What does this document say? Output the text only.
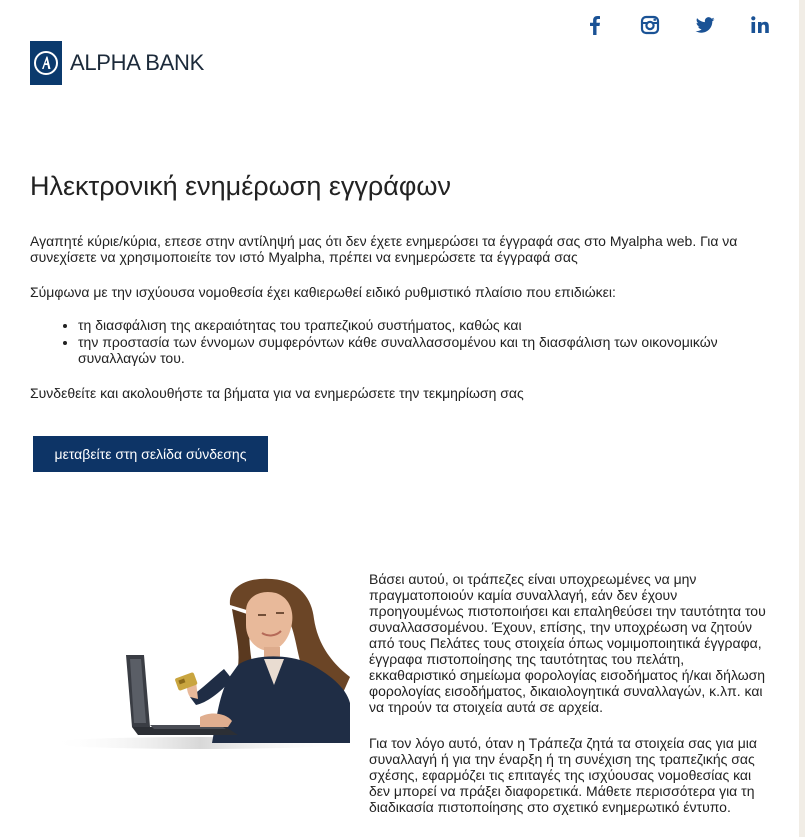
ALPHA BANK
Ηλεκτρονική ενημέρωση εγγράφων

Αγαπητέ κύριε/κύρια, επεσε στην αντίληψή μας ότι δεν έχετε ενημερώσει τα έγγραφά σας στο Myalpha web. Για να συνεχίσετε να χρησιμοποιείτε τον ιστό Myalpha, πρέπει να ενημερώσετε τα έγγραφά σας

Σύμφωνα με την ισχύουσα νομοθεσία έχει καθιερωθεί ειδικό ρυθμιστικό πλαίσιο που επιδιώκει:

• τη διασφάλιση της ακεραιότητας του τραπεζικού συστήματος, καθώς και
• την προστασία των έννομων συμφερόντων κάθε συναλλασσομένου και τη διασφάλιση των οικονομικών συναλλαγών του.

Συνδεθείτε και ακολουθήστε τα βήματα για να ενημερώσετε την τεκμηρίωση σας

μεταβείτε στη σελίδα σύνδεσης

Βάσει αυτού, οι τράπεζες είναι υποχρεωμένες να μην πραγματοποιούν καμία συναλλαγή, εάν δεν έχουν προηγουμένως πιστοποιήσει και επαληθεύσει την ταυτότητα του συναλλασσομένου. Έχουν, επίσης, την υποχρέωση να ζητούν από τους Πελάτες τους στοιχεία όπως νομιμοποιητικά έγγραφα, έγγραφα πιστοποίησης της ταυτότητας του πελάτη, εκκαθαριστικό σημείωμα φορολογίας εισοδήματος ή/και δήλωση φορολογίας εισοδήματος, δικαιολογητικά συναλλαγών, κ.λπ. και να τηρούν τα στοιχεία αυτά σε αρχεία.

Για τον λόγο αυτό, όταν η Τράπεζα ζητά τα στοιχεία σας για μια συναλλαγή ή για την έναρξη ή τη συνέχιση της τραπεζικής σας σχέσης, εφαρμόζει τις επιταγές της ισχύουσας νομοθεσίας και δεν μπορεί να πράξει διαφορετικά. Μάθετε περισσότερα για τη διαδικασία πιστοποίησης στο σχετικό ενημερωτικό έντυπο.
